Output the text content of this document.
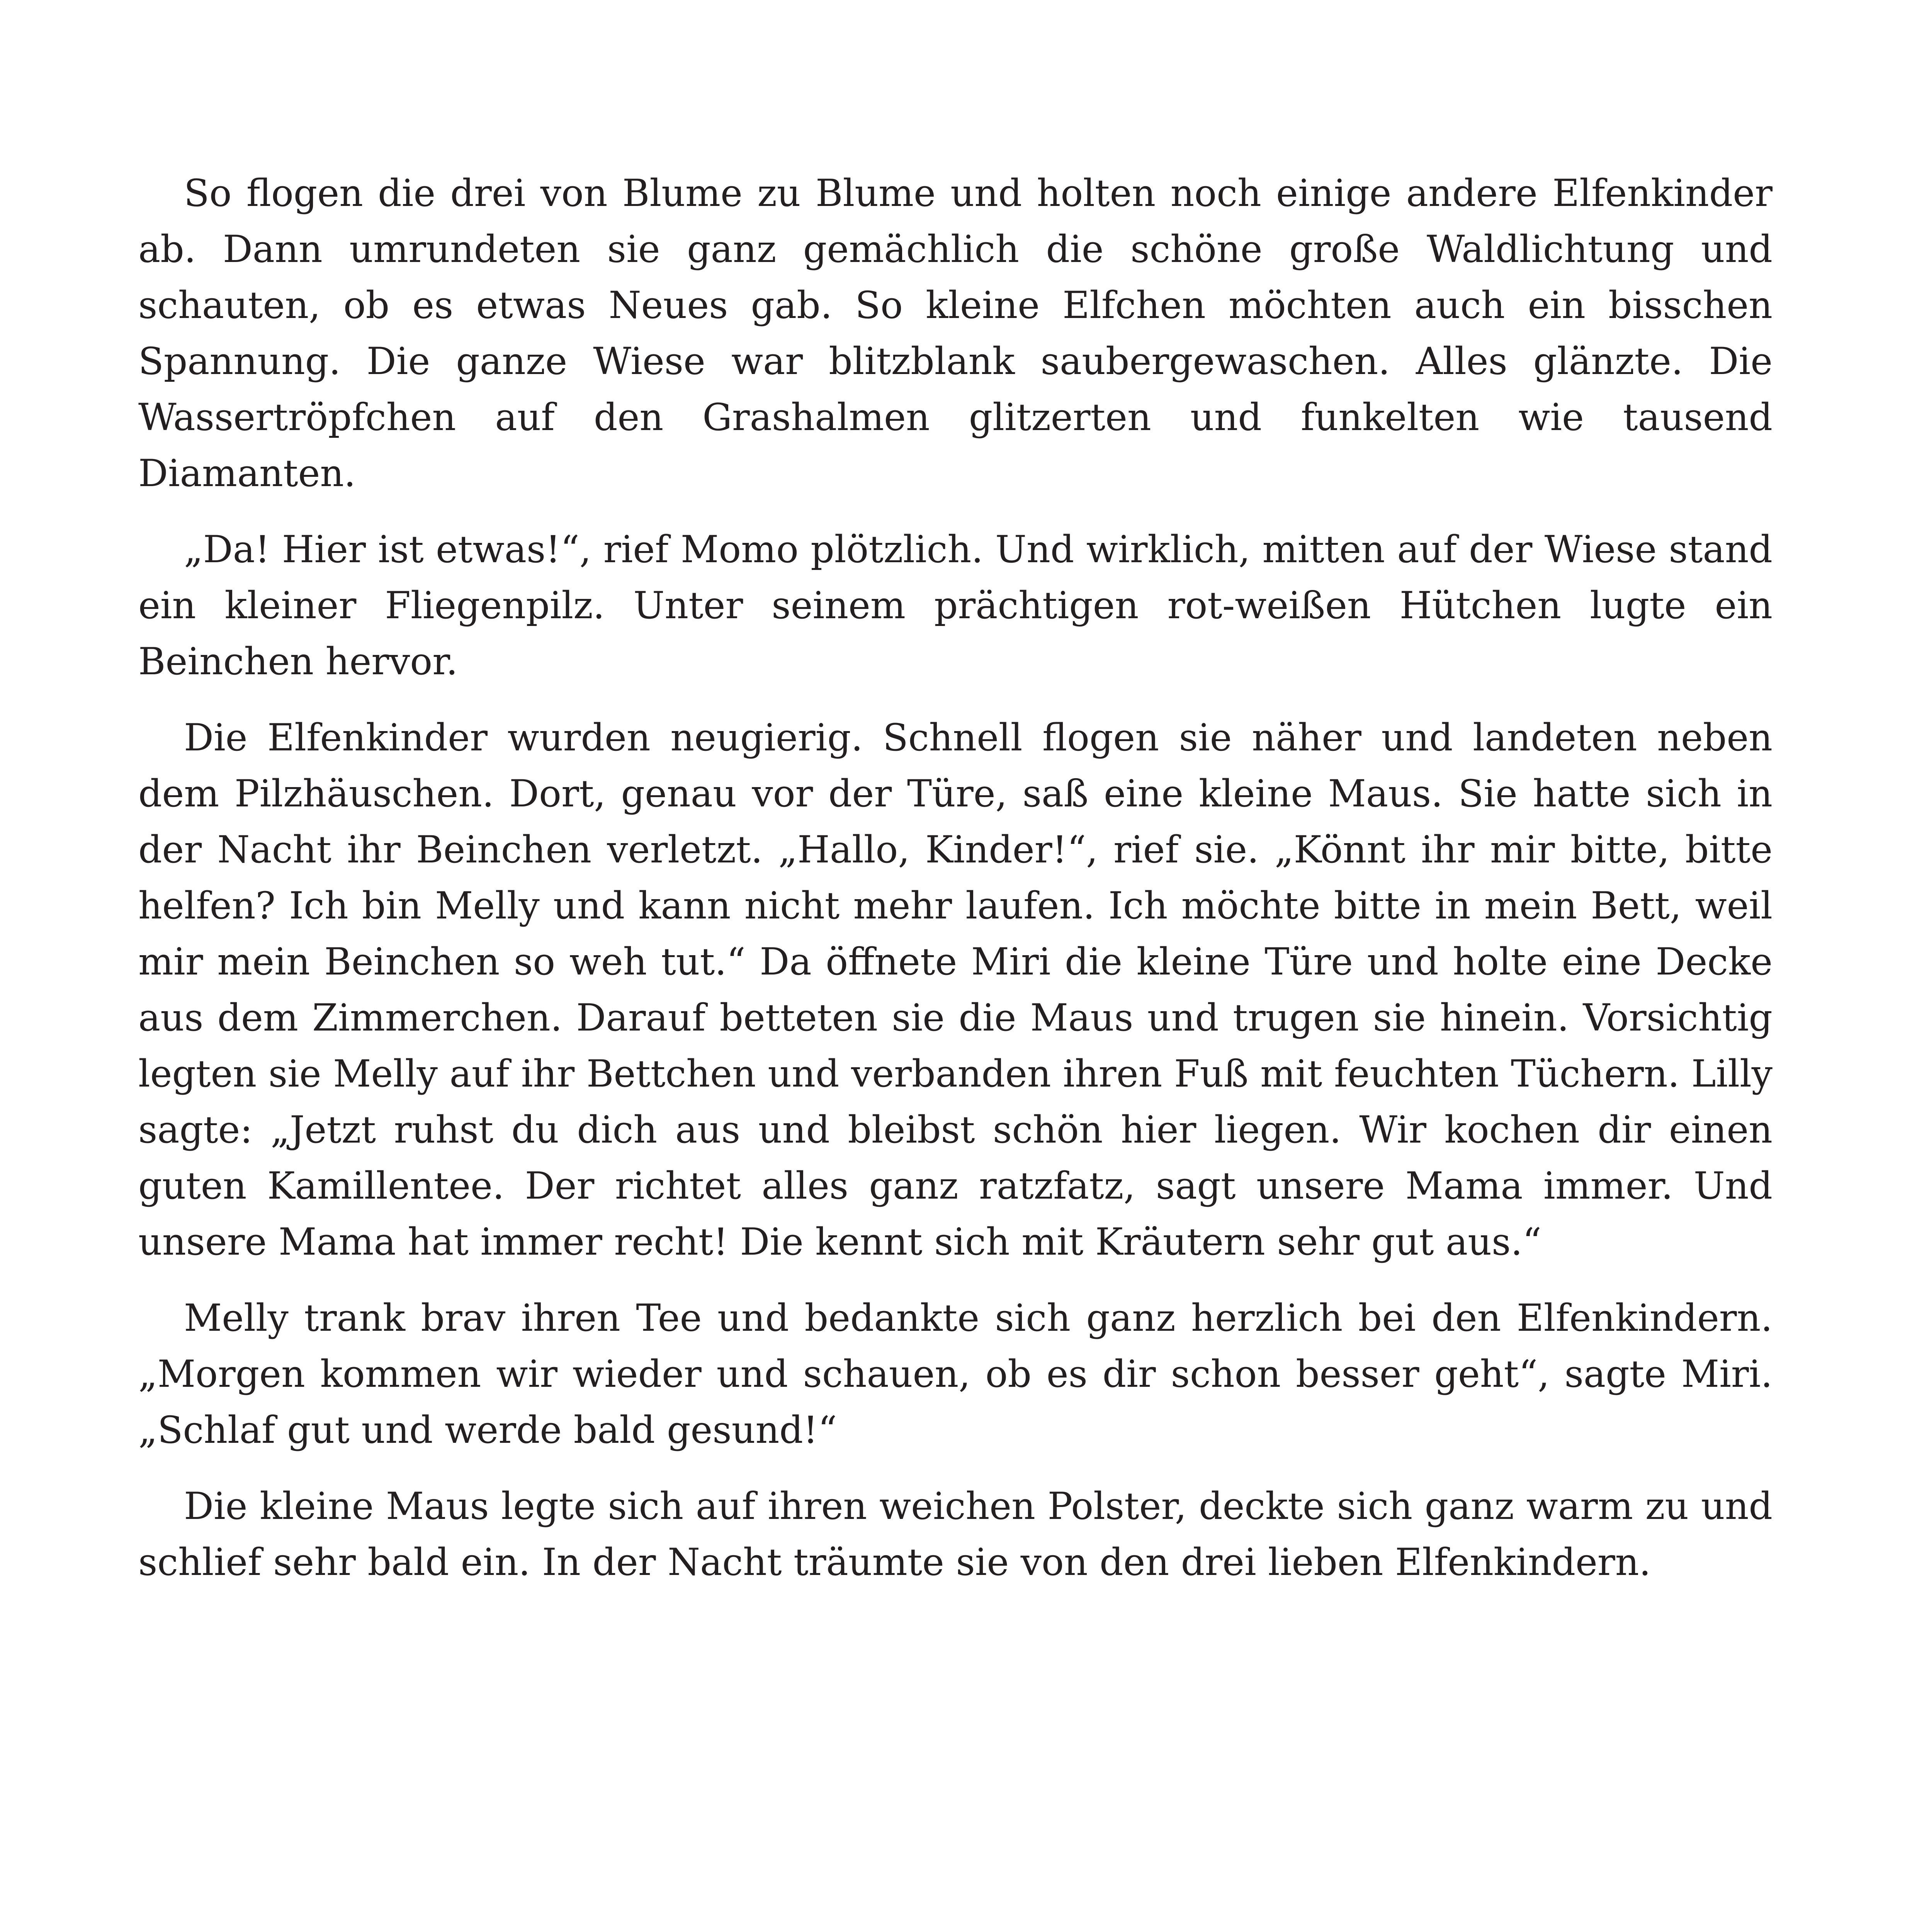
So flogen die drei von Blume zu Blume und holten noch einige andere Elfenkinder ab. Dann umrundeten sie ganz gemächlich die schöne große Waldlichtung und schauten, ob es etwas Neues gab. So kleine Elfchen möchten auch ein bisschen Spannung. Die ganze Wiese war blitzblank saubergewaschen. Alles glänzte. Die Wassertröpfchen auf den Grashalmen glitzerten und funkelten wie tausend Diamanten.

„Da! Hier ist etwas!“, rief Momo plötzlich. Und wirklich, mitten auf der Wiese stand ein kleiner Fliegenpilz. Unter seinem prächtigen rot-weißen Hütchen lugte ein Beinchen hervor.

Die Elfenkinder wurden neugierig. Schnell flogen sie näher und landeten neben dem Pilzhäuschen. Dort, genau vor der Türe, saß eine kleine Maus. Sie hatte sich in der Nacht ihr Beinchen verletzt. „Hallo, Kinder!“, rief sie. „Könnt ihr mir bitte, bitte helfen? Ich bin Melly und kann nicht mehr laufen. Ich möchte bitte in mein Bett, weil mir mein Beinchen so weh tut.“ Da öffnete Miri die kleine Türe und holte eine Decke aus dem Zimmerchen. Darauf betteten sie die Maus und trugen sie hinein. Vorsichtig legten sie Melly auf ihr Bettchen und verbanden ihren Fuß mit feuchten Tüchern. Lilly sagte: „Jetzt ruhst du dich aus und bleibst schön hier liegen. Wir kochen dir einen guten Kamillentee. Der richtet alles ganz ratzfatz, sagt unsere Mama immer. Und unsere Mama hat immer recht! Die kennt sich mit Kräutern sehr gut aus.“

Melly trank brav ihren Tee und bedankte sich ganz herzlich bei den Elfenkindern. „Morgen kommen wir wieder und schauen, ob es dir schon besser geht“, sagte Miri. „Schlaf gut und werde bald gesund!“

Die kleine Maus legte sich auf ihren weichen Polster, deckte sich ganz warm zu und schlief sehr bald ein. In der Nacht träumte sie von den drei lieben Elfenkindern.
